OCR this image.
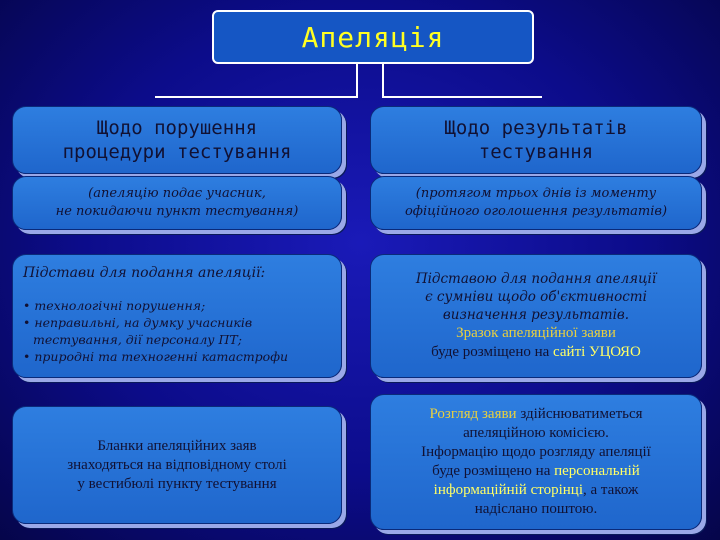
Апеляція
Щодо порушення
процедури тестування
(апеляцію подає учасник,
не покидаючи пункт тестування)
Щодо результатів
тестування
(протягом трьох днів із моменту
офіційного оголошення результатів)
Підстави для подання апеляції:
• технологічні порушення;
• неправильні, на думку учасників тестування, дії персоналу ПТ;
• природні та техногенні катастрофи
Підставою для подання апеляції
є сумніви щодо об'єктивності
визначення результатів.
Зразок апеляційної заяви
буде розміщено на сайті УЦОЯО
Бланки апеляційних заяв
знаходяться на відповідному столі
у вестибюлі пункту тестування
Розгляд заяви здійснюватиметься
апеляційною комісією.
Інформацію щодо розгляду апеляції
буде розміщено на персональній
інформаційній сторінці, а також
надіслано поштою.
